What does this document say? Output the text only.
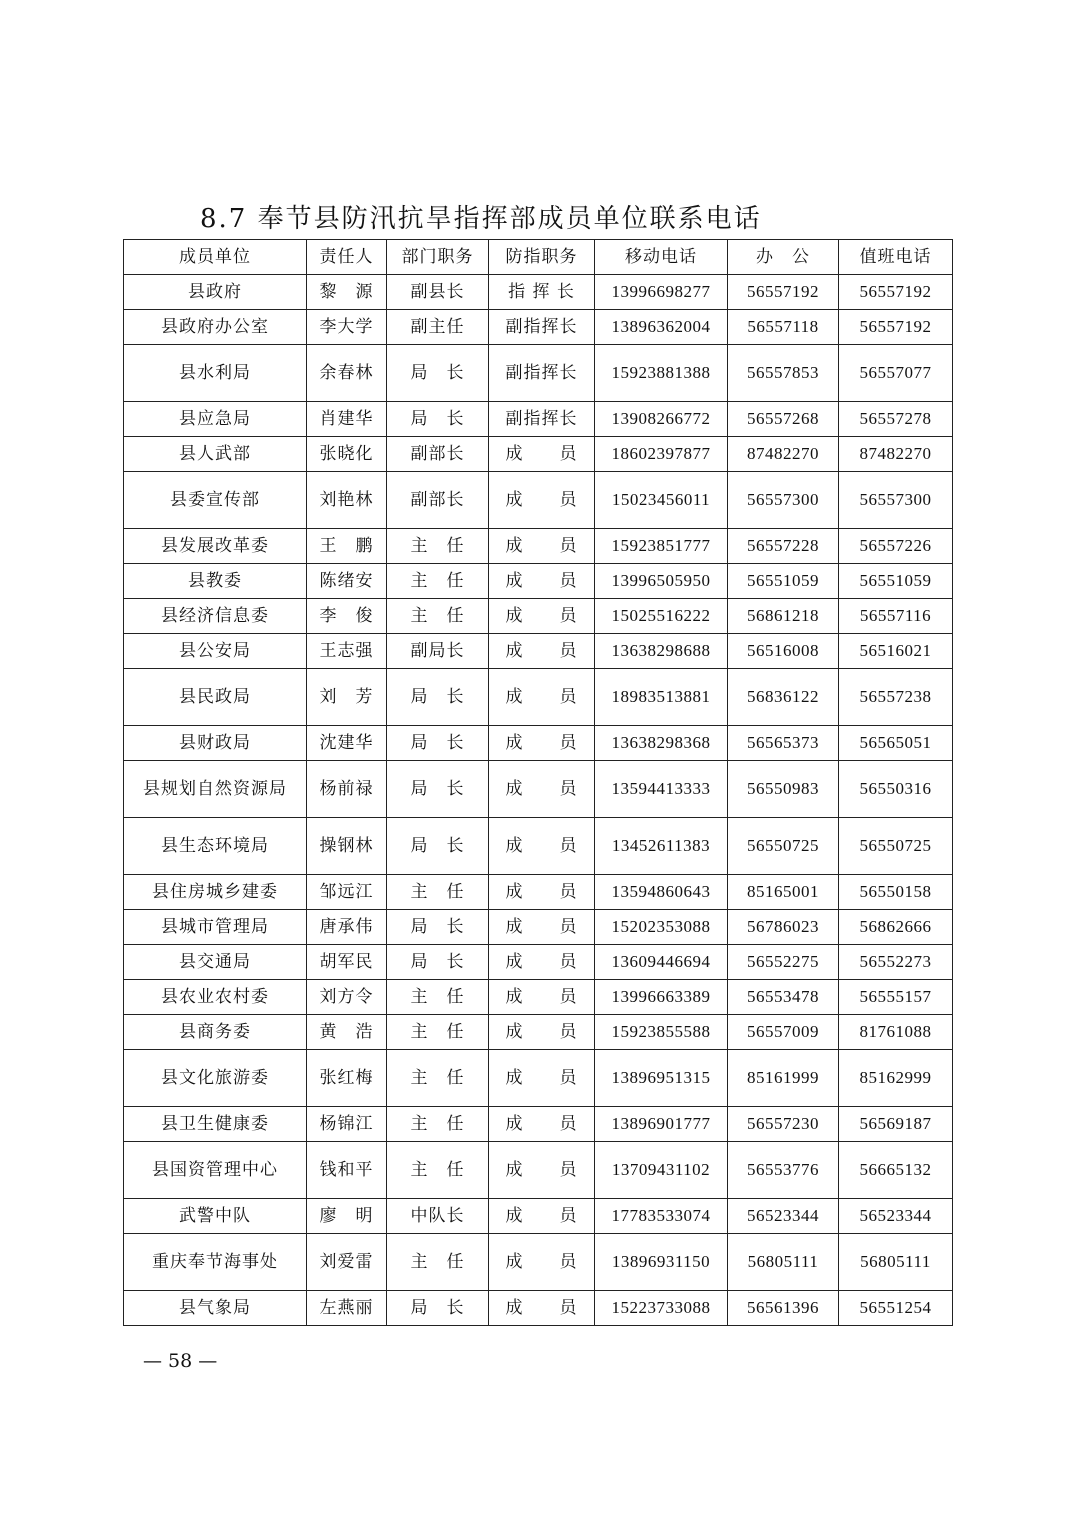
8.7 奉节县防汛抗旱指挥部成员单位联系电话
成员单位	责任人	部门职务	防指职务	移动电话	办　公	值班电话
县政府	黎　源	副县长	指 挥 长	13996698277	56557192	56557192
县政府办公室	李大学	副主任	副指挥长	13896362004	56557118	56557192
县水利局	余春林	局　长	副指挥长	15923881388	56557853	56557077
县应急局	肖建华	局　长	副指挥长	13908266772	56557268	56557278
县人武部	张晓化	副部长	成　　员	18602397877	87482270	87482270
县委宣传部	刘艳林	副部长	成　　员	15023456011	56557300	56557300
县发展改革委	王　鹏	主　任	成　　员	15923851777	56557228	56557226
县教委	陈绪安	主　任	成　　员	13996505950	56551059	56551059
县经济信息委	李　俊	主　任	成　　员	15025516222	56861218	56557116
县公安局	王志强	副局长	成　　员	13638298688	56516008	56516021
县民政局	刘　芳	局　长	成　　员	18983513881	56836122	56557238
县财政局	沈建华	局　长	成　　员	13638298368	56565373	56565051
县规划自然资源局	杨前禄	局　长	成　　员	13594413333	56550983	56550316
县生态环境局	操钢林	局　长	成　　员	13452611383	56550725	56550725
县住房城乡建委	邹远江	主　任	成　　员	13594860643	85165001	56550158
县城市管理局	唐承伟	局　长	成　　员	15202353088	56786023	56862666
县交通局	胡军民	局　长	成　　员	13609446694	56552275	56552273
县农业农村委	刘方令	主　任	成　　员	13996663389	56553478	56555157
县商务委	黄　浩	主　任	成　　员	15923855588	56557009	81761088
县文化旅游委	张红梅	主　任	成　　员	13896951315	85161999	85162999
县卫生健康委	杨锦江	主　任	成　　员	13896901777	56557230	56569187
县国资管理中心	钱和平	主　任	成　　员	13709431102	56553776	56665132
武警中队	廖　明	中队长	成　　员	17783533074	56523344	56523344
重庆奉节海事处	刘爱雷	主　任	成　　员	13896931150	56805111	56805111
县气象局	左燕丽	局　长	成　　员	15223733088	56561396	56551254
— 58 —
